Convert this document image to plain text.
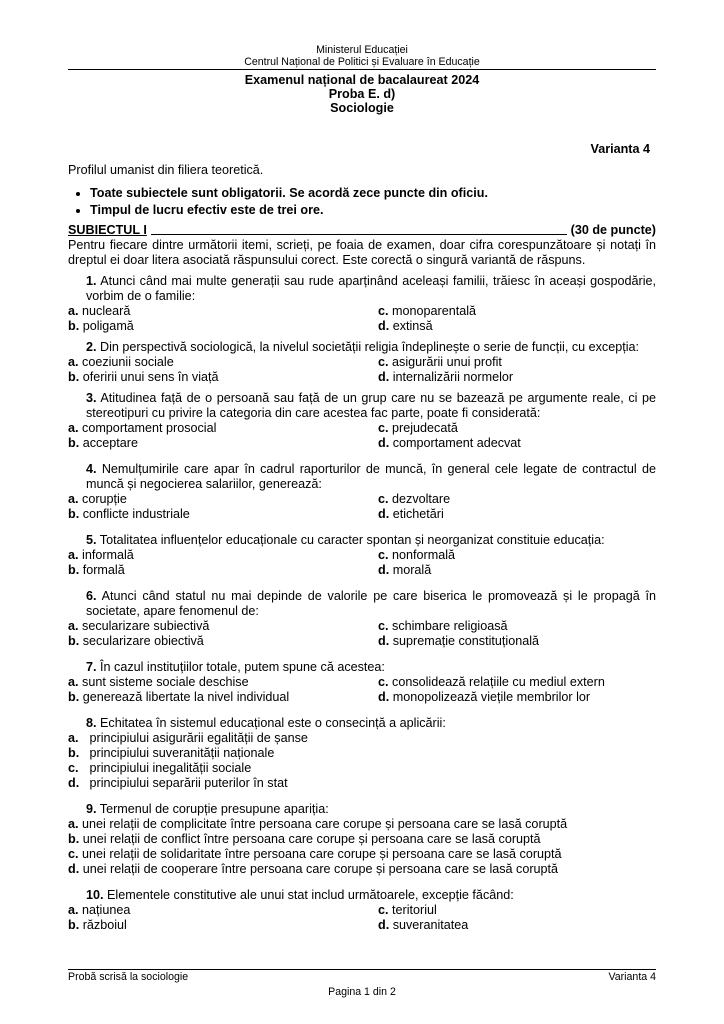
Ministerul Educației
Centrul Național de Politici și Evaluare în Educație
Examenul național de bacalaureat 2024
Proba E. d)
Sociologie
Varianta 4
Profilul umanist din filiera teoretică.
• Toate subiectele sunt obligatorii. Se acordă zece puncte din oficiu.
• Timpul de lucru efectiv este de trei ore.
SUBIECTUL I	(30 de puncte)
Pentru fiecare dintre următorii itemi, scrieți, pe foaia de examen, doar cifra corespunzătoare și notați în dreptul ei doar litera asociată răspunsului corect. Este corectă o singură variantă de răspuns.
1. Atunci când mai multe generații sau rude aparținând aceleași familii, trăiesc în aceași gospodărie, vorbim de o familie:
a. nucleară	c. monoparentală
b. poligamă	d. extinsă
2. Din perspectivă sociologică, la nivelul societății religia îndeplinește o serie de funcții, cu excepția:
a. coeziunii sociale	c. asigurării unui profit
b. oferirii unui sens în viață	d. internalizării normelor
3. Atitudinea față de o persoană sau față de un grup care nu se bazează pe argumente reale, ci pe stereotipuri cu privire la categoria din care acestea fac parte, poate fi considerată:
a. comportament prosocial	c. prejudecată
b. acceptare	d. comportament adecvat
4. Nemulțumirile care apar în cadrul raporturilor de muncă, în general cele legate de contractul de muncă și negocierea salariilor, generează:
a. corupție	c. dezvoltare
b. conflicte industriale	d. etichetări
5. Totalitatea influențelor educaționale cu caracter spontan și neorganizat constituie educația:
a. informală	c. nonformală
b. formală	d. morală
6. Atunci când statul nu mai depinde de valorile pe care biserica le promovează și le propagă în societate, apare fenomenul de:
a. secularizare subiectivă	c. schimbare religioasă
b. secularizare obiectivă	d. supremație constituțională
7. În cazul instituțiilor totale, putem spune că acestea:
a. sunt sisteme sociale deschise	c. consolidează relațiile cu mediul extern
b. generează libertate la nivel individual	d. monopolizează viețile membrilor lor
8. Echitatea în sistemul educațional este o consecință a aplicării:
a. principiului asigurării egalității de șanse
b. principiului suveranității naționale
c. principiului inegalității sociale
d. principiului separării puterilor în stat
9. Termenul de corupție presupune apariția:
a. unei relații de complicitate între persoana care corupe și persoana care se lasă coruptă
b. unei relații de conflict între persoana care corupe și persoana care se lasă coruptă
c. unei relații de solidaritate între persoana care corupe și persoana care se lasă coruptă
d. unei relații de cooperare între persoana care corupe și persoana care se lasă coruptă
10. Elementele constitutive ale unui stat includ următoarele, excepție făcând:
a. națiunea	c. teritoriul
b. războiul	d. suveranitatea
Probă scrisă la sociologie	Varianta 4
Pagina 1 din 2
